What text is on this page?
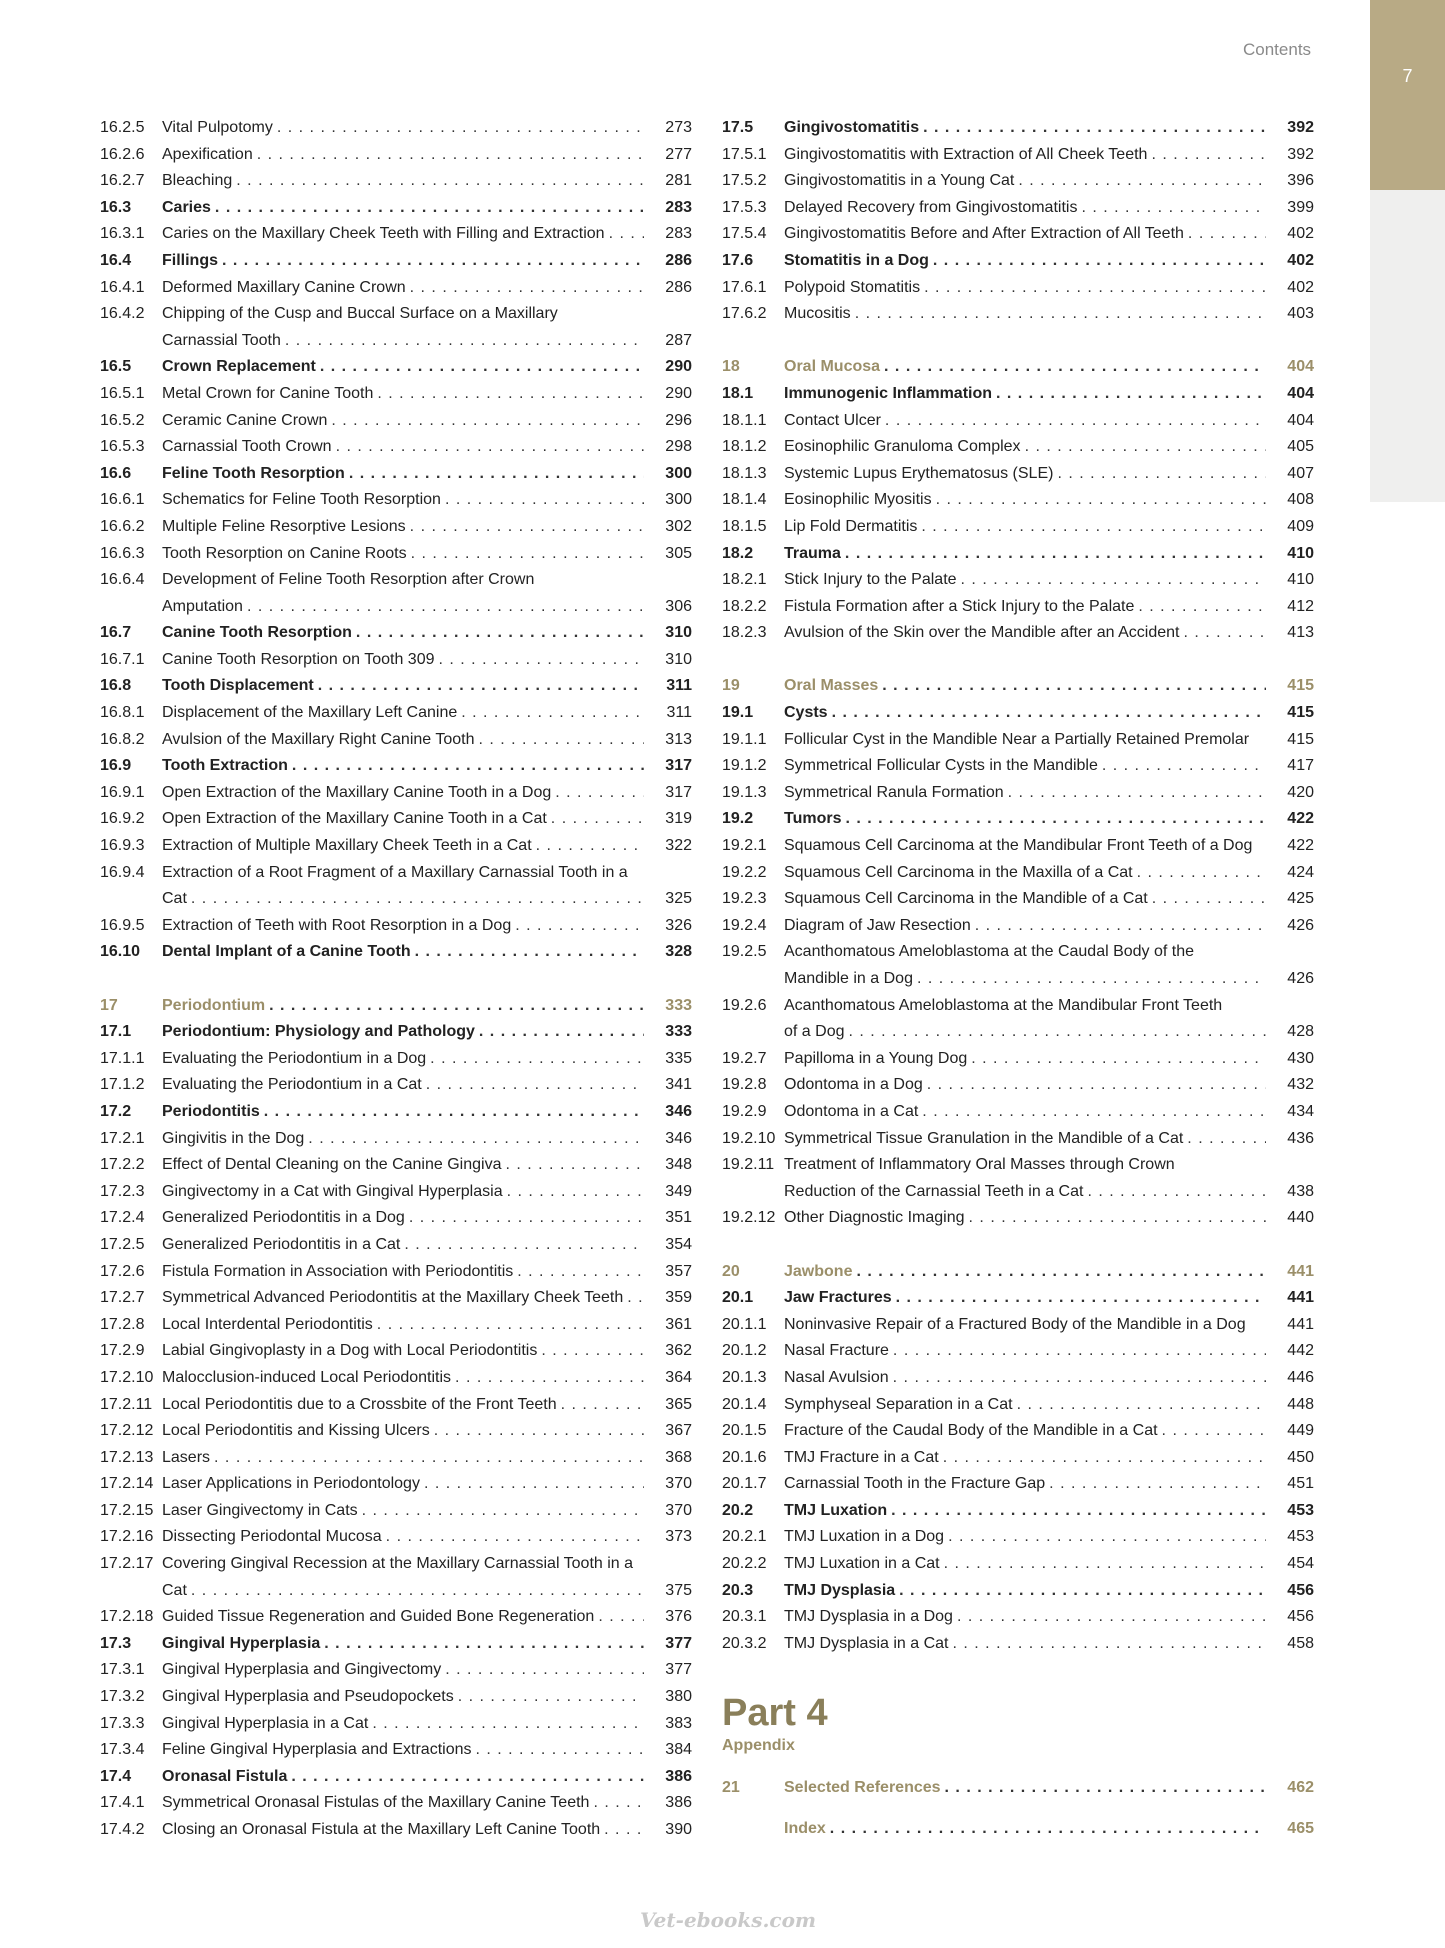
7
Contents
16.2.5	Vital Pulpotomy . . .	273
16.2.6	Apexification . . .	277
16.2.7	Bleaching . . .	281
16.3	Caries . . .	283
16.3.1	Caries on the Maxillary Cheek Teeth with Filling and Extraction . . .	283
16.4	Fillings . . .	286
16.4.1	Deformed Maxillary Canine Crown . . .	286
16.4.2	Chipping of the Cusp and Buccal Surface on a Maxillary
Carnassial Tooth . . .	287
16.5	Crown Replacement . . .	290
16.5.1	Metal Crown for Canine Tooth . . .	290
16.5.2	Ceramic Canine Crown . . .	296
16.5.3	Carnassial Tooth Crown . . .	298
16.6	Feline Tooth Resorption . . .	300
16.6.1	Schematics for Feline Tooth Resorption . . .	300
16.6.2	Multiple Feline Resorptive Lesions . . .	302
16.6.3	Tooth Resorption on Canine Roots . . .	305
16.6.4	Development of Feline Tooth Resorption after Crown
Amputation . . .	306
16.7	Canine Tooth Resorption . . .	310
16.7.1	Canine Tooth Resorption on Tooth 309 . . .	310
16.8	Tooth Displacement . . .	311
16.8.1	Displacement of the Maxillary Left Canine . . .	311
16.8.2	Avulsion of the Maxillary Right Canine Tooth . . .	313
16.9	Tooth Extraction . . .	317
16.9.1	Open Extraction of the Maxillary Canine Tooth in a Dog . . .	317
16.9.2	Open Extraction of the Maxillary Canine Tooth in a Cat . . .	319
16.9.3	Extraction of Multiple Maxillary Cheek Teeth in a Cat . . .	322
16.9.4	Extraction of a Root Fragment of a Maxillary Carnassial Tooth in a
Cat . . .	325
16.9.5	Extraction of Teeth with Root Resorption in a Dog . . .	326
16.10	Dental Implant of a Canine Tooth . . .	328
17	Periodontium . . .	333
17.1	Periodontium: Physiology and Pathology . . .	333
17.1.1	Evaluating the Periodontium in a Dog . . .	335
17.1.2	Evaluating the Periodontium in a Cat . . .	341
17.2	Periodontitis . . .	346
17.2.1	Gingivitis in the Dog . . .	346
17.2.2	Effect of Dental Cleaning on the Canine Gingiva . . .	348
17.2.3	Gingivectomy in a Cat with Gingival Hyperplasia . . .	349
17.2.4	Generalized Periodontitis in a Dog . . .	351
17.2.5	Generalized Periodontitis in a Cat . . .	354
17.2.6	Fistula Formation in Association with Periodontitis . . .	357
17.2.7	Symmetrical Advanced Periodontitis at the Maxillary Cheek Teeth . . .	359
17.2.8	Local Interdental Periodontitis . . .	361
17.2.9	Labial Gingivoplasty in a Dog with Local Periodontitis . . .	362
17.2.10 Malocclusion-induced Local Periodontitis . . .	364
17.2.11 Local Periodontitis due to a Crossbite of the Front Teeth . . .	365
17.2.12 Local Periodontitis and Kissing Ulcers . . .	367
17.2.13 Lasers . . .	368
17.2.14 Laser Applications in Periodontology . . .	370
17.2.15 Laser Gingivectomy in Cats . . .	370
17.2.16 Dissecting Periodontal Mucosa . . .	373
17.2.17 Covering Gingival Recession at the Maxillary Carnassial Tooth in a
Cat . . .	375
17.2.18 Guided Tissue Regeneration and Guided Bone Regeneration . . .	376
17.3	Gingival Hyperplasia . . .	377
17.3.1	Gingival Hyperplasia and Gingivectomy . . .	377
17.3.2	Gingival Hyperplasia and Pseudopockets . . .	380
17.3.3	Gingival Hyperplasia in a Cat . . .	383
17.3.4	Feline Gingival Hyperplasia and Extractions . . .	384
17.4	Oronasal Fistula . . .	386
17.4.1	Symmetrical Oronasal Fistulas of the Maxillary Canine Teeth . . .	386
17.4.2	Closing an Oronasal Fistula at the Maxillary Left Canine Tooth . . .	390
17.5	Gingivostomatitis . . .	392
17.5.1	Gingivostomatitis with Extraction of All Cheek Teeth . . .	392
17.5.2	Gingivostomatitis in a Young Cat . . .	396
17.5.3	Delayed Recovery from Gingivostomatitis . . .	399
17.5.4	Gingivostomatitis Before and After Extraction of All Teeth . . .	402
17.6	Stomatitis in a Dog . . .	402
17.6.1	Polypoid Stomatitis . . .	402
17.6.2	Mucositis . . .	403
18	Oral Mucosa . . .	404
18.1	Immunogenic Inflammation . . .	404
18.1.1	Contact Ulcer . . .	404
18.1.2	Eosinophilic Granuloma Complex . . .	405
18.1.3	Systemic Lupus Erythematosus (SLE) . . .	407
18.1.4	Eosinophilic Myositis . . .	408
18.1.5	Lip Fold Dermatitis . . .	409
18.2	Trauma . . .	410
18.2.1	Stick Injury to the Palate . . .	410
18.2.2	Fistula Formation after a Stick Injury to the Palate . . .	412
18.2.3	Avulsion of the Skin over the Mandible after an Accident . . .	413
19	Oral Masses . . .	415
19.1	Cysts . . .	415
19.1.1	Follicular Cyst in the Mandible Near a Partially Retained Premolar	415
19.1.2	Symmetrical Follicular Cysts in the Mandible . . .	417
19.1.3	Symmetrical Ranula Formation . . .	420
19.2	Tumors . . .	422
19.2.1	Squamous Cell Carcinoma at the Mandibular Front Teeth of a Dog	422
19.2.2	Squamous Cell Carcinoma in the Maxilla of a Cat . . .	424
19.2.3	Squamous Cell Carcinoma in the Mandible of a Cat . . .	425
19.2.4	Diagram of Jaw Resection . . .	426
19.2.5	Acanthomatous Ameloblastoma at the Caudal Body of the
Mandible in a Dog . . .	426
19.2.6	Acanthomatous Ameloblastoma at the Mandibular Front Teeth
of a Dog . . .	428
19.2.7	Papilloma in a Young Dog . . .	430
19.2.8	Odontoma in a Dog . . .	432
19.2.9	Odontoma in a Cat . . .	434
19.2.10 Symmetrical Tissue Granulation in the Mandible of a Cat . . .	436
19.2.11 Treatment of Inflammatory Oral Masses through Crown
Reduction of the Carnassial Teeth in a Cat . . .	438
19.2.12 Other Diagnostic Imaging . . .	440
20	Jawbone . . .	441
20.1	Jaw Fractures . . .	441
20.1.1	Noninvasive Repair of a Fractured Body of the Mandible in a Dog	441
20.1.2	Nasal Fracture . . .	442
20.1.3	Nasal Avulsion . . .	446
20.1.4	Symphyseal Separation in a Cat . . .	448
20.1.5	Fracture of the Caudal Body of the Mandible in a Cat . . .	449
20.1.6	TMJ Fracture in a Cat . . .	450
20.1.7	Carnassial Tooth in the Fracture Gap . . .	451
20.2	TMJ Luxation . . .	453
20.2.1	TMJ Luxation in a Dog . . .	453
20.2.2	TMJ Luxation in a Cat . . .	454
20.3	TMJ Dysplasia . . .	456
20.3.1	TMJ Dysplasia in a Dog . . .	456
20.3.2	TMJ Dysplasia in a Cat . . .	458
Part 4
Appendix
21	Selected References . . .	462
Index . . .	465
Vet-ebooks.com
